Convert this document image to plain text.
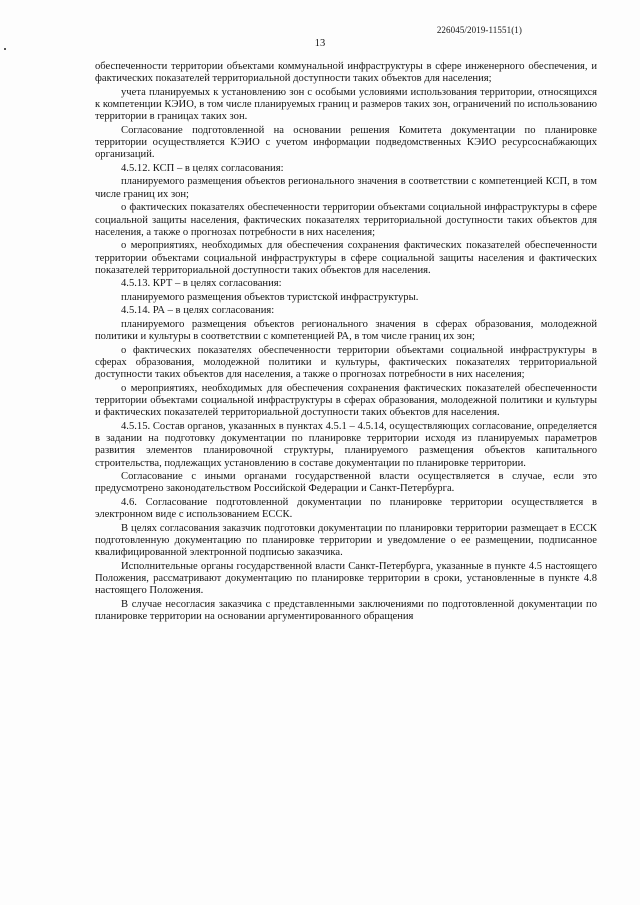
226045/2019-11551(1)
13

обеспеченности территории объектами коммунальной инфраструктуры в сфере инженерного обеспечения, и фактических показателей территориальной доступности таких объектов для населения;

учета планируемых к установлению зон с особыми условиями использования территории, относящихся к компетенции КЭИО, в том числе планируемых границ и размеров таких зон, ограничений по использованию территории в границах таких зон.

Согласование подготовленной на основании решения Комитета документации по планировке территории осуществляется КЭИО с учетом информации подведомственных КЭИО ресурсоснабжающих организаций.

4.5.12. КСП – в целях согласования:

планируемого размещения объектов регионального значения в соответствии с компетенцией КСП, в том числе границ их зон;

о фактических показателях обеспеченности территории объектами социальной инфраструктуры в сфере социальной защиты населения, фактических показателях территориальной доступности таких объектов для населения, а также о прогнозах потребности в них населения;

о мероприятиях, необходимых для обеспечения сохранения фактических показателей обеспеченности территории объектами социальной инфраструктуры в сфере социальной защиты населения и фактических показателей территориальной доступности таких объектов для населения.

4.5.13. КРТ – в целях согласования:

планируемого размещения объектов туристской инфраструктуры.

4.5.14. РА – в целях согласования:

планируемого размещения объектов регионального значения в сферах образования, молодежной политики и культуры в соответствии с компетенцией РА, в том числе границ их зон;

о фактических показателях обеспеченности территории объектами социальной инфраструктуры в сферах образования, молодежной политики и культуры, фактических показателях территориальной доступности таких объектов для населения, а также о прогнозах потребности в них населения;

о мероприятиях, необходимых для обеспечения сохранения фактических показателей обеспеченности территории объектами социальной инфраструктуры в сферах образования, молодежной политики и культуры и фактических показателей территориальной доступности таких объектов для населения.

4.5.15. Состав органов, указанных в пунктах 4.5.1 – 4.5.14, осуществляющих согласование, определяется в задании на подготовку документации по планировке территории исходя из планируемых параметров развития элементов планировочной структуры, планируемого размещения объектов капитального строительства, подлежащих установлению в составе документации по планировке территории.

Согласование с иными органами государственной власти осуществляется в случае, если это предусмотрено законодательством Российской Федерации и Санкт-Петербурга.

4.6. Согласование подготовленной документации по планировке территории осуществляется в электронном виде с использованием ЕССК.

В целях согласования заказчик подготовки документации по планировки территории размещает в ЕССК подготовленную документацию по планировке территории и уведомление о ее размещении, подписанное квалифицированной электронной подписью заказчика.

Исполнительные органы государственной власти Санкт-Петербурга, указанные в пункте 4.5 настоящего Положения, рассматривают документацию по планировке территории в сроки, установленные в пункте 4.8 настоящего Положения.

В случае несогласия заказчика с представленными заключениями по подготовленной документации по планировке территории на основании аргументированного обращения
